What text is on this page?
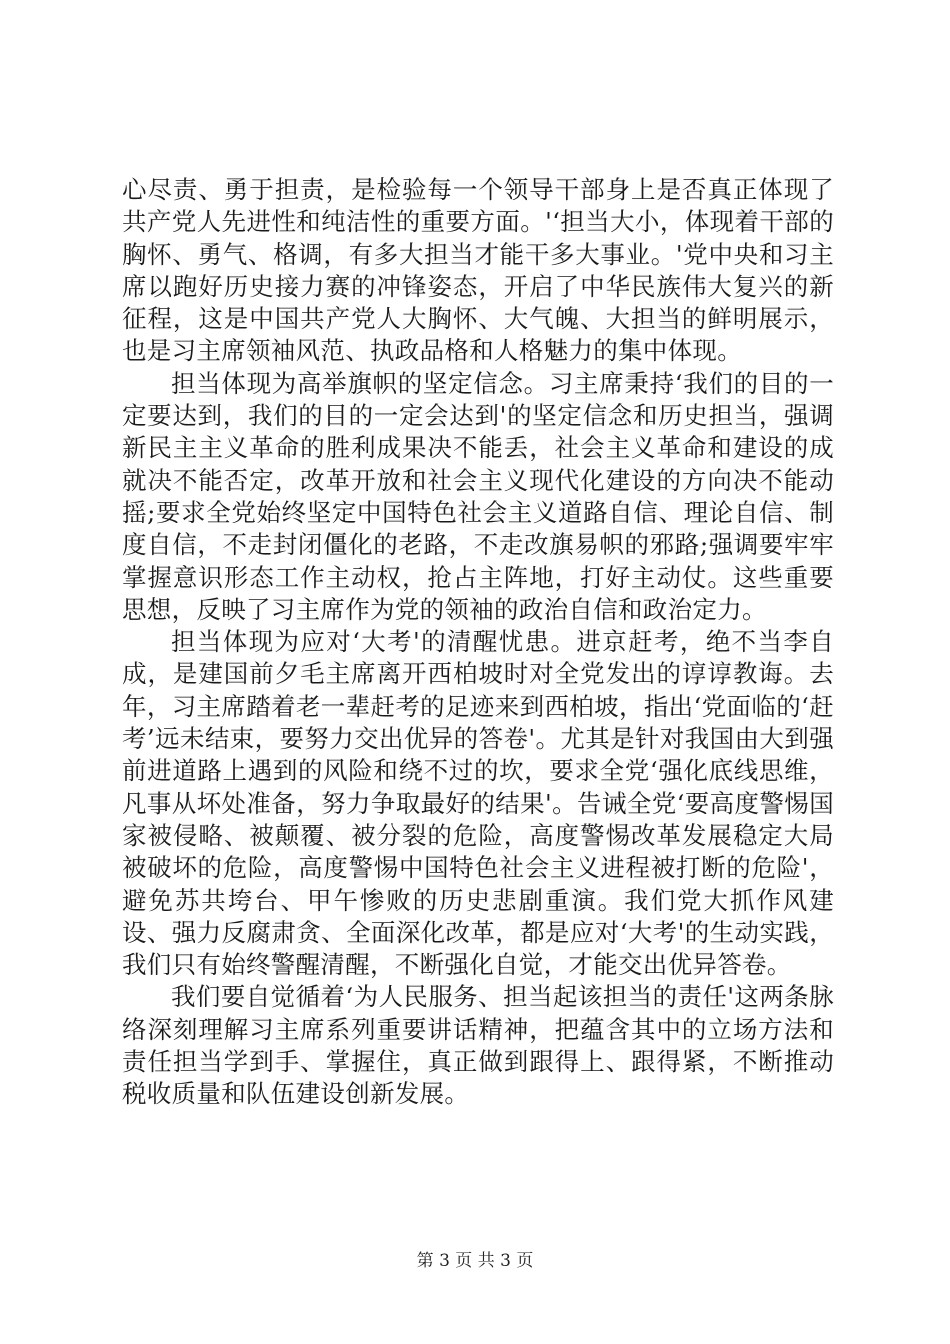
心尽责、勇于担责，是检验每一个领导干部身上是否真正体现了共产党人先进性和纯洁性的重要方面。'‘担当大小，体现着干部的胸怀、勇气、格调，有多大担当才能干多大事业。'党中央和习主席以跑好历史接力赛的冲锋姿态，开启了中华民族伟大复兴的新征程，这是中国共产党人大胸怀、大气魄、大担当的鲜明展示，也是习主席领袖风范、执政品格和人格魅力的集中体现。

担当体现为高举旗帜的坚定信念。习主席秉持‘我们的目的一定要达到，我们的目的一定会达到'的坚定信念和历史担当，强调新民主主义革命的胜利成果决不能丢，社会主义革命和建设的成就决不能否定，改革开放和社会主义现代化建设的方向决不能动摇;要求全党始终坚定中国特色社会主义道路自信、理论自信、制度自信，不走封闭僵化的老路，不走改旗易帜的邪路;强调要牢牢掌握意识形态工作主动权，抢占主阵地，打好主动仗。这些重要思想，反映了习主席作为党的领袖的政治自信和政治定力。

担当体现为应对‘大考'的清醒忧患。进京赶考，绝不当李自成，是建国前夕毛主席离开西柏坡时对全党发出的谆谆教诲。去年，习主席踏着老一辈赶考的足迹来到西柏坡，指出‘党面临的‘赶考’远未结束，要努力交出优异的答卷'。尤其是针对我国由大到强前进道路上遇到的风险和绕不过的坎，要求全党‘强化底线思维，凡事从坏处准备，努力争取最好的结果'。告诫全党‘要高度警惕国家被侵略、被颠覆、被分裂的危险，高度警惕改革发展稳定大局被破坏的危险，高度警惕中国特色社会主义进程被打断的危险'，避免苏共垮台、甲午惨败的历史悲剧重演。我们党大抓作风建设、强力反腐肃贪、全面深化改革，都是应对‘大考'的生动实践，我们只有始终警醒清醒，不断强化自觉，才能交出优异答卷。

我们要自觉循着‘为人民服务、担当起该担当的责任'这两条脉络深刻理解习主席系列重要讲话精神，把蕴含其中的立场方法和责任担当学到手、掌握住，真正做到跟得上、跟得紧，不断推动税收质量和队伍建设创新发展。

第 3 页 共 3 页
